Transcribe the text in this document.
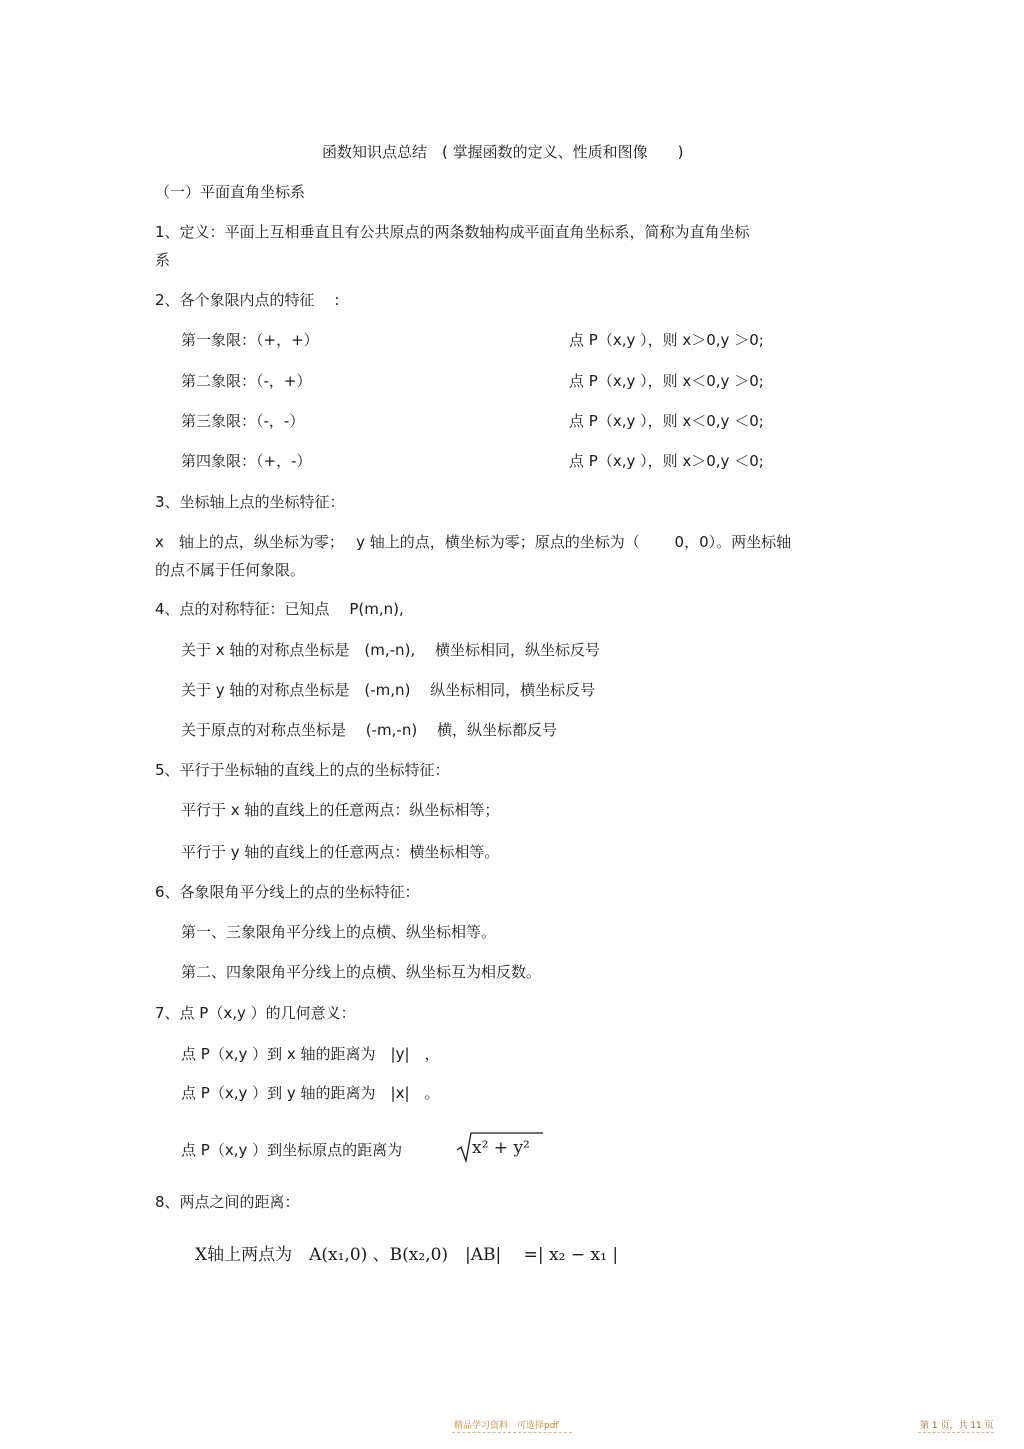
函数知识点总结　( 掌握函数的定义、性质和图像　　)
（一）平面直角坐标系
1、定义：平面上互相垂直且有公共原点的两条数轴构成平面直角坐标系，简称为直角坐标
系
2、各个象限内点的特征　 :
第一象限：（+，+）	点 P（x,y ），则 x＞0,y ＞0;
第二象限：（-，+）	点 P（x,y ），则 x＜0,y ＞0;
第三象限：（-，-）	点 P（x,y ），则 x＜0,y ＜0;
第四象限：（+，-）	点 P（x,y ），则 x＞0,y ＜0;
3、坐标轴上点的坐标特征：
x　轴上的点，纵坐标为零；　 y 轴上的点，横坐标为零；原点的坐标为（　　 0，0）。两坐标轴
的点不属于任何象限。
4、点的对称特征：已知点　 P(m,n),
关于 x 轴的对称点坐标是　(m,-n),　 横坐标相同，纵坐标反号
关于 y 轴的对称点坐标是　(-m,n)　 纵坐标相同，横坐标反号
关于原点的对称点坐标是　 (-m,-n)　 横，纵坐标都反号
5、平行于坐标轴的直线上的点的坐标特征：
平行于 x 轴的直线上的任意两点：纵坐标相等；
平行于 y 轴的直线上的任意两点：横坐标相等。
6、各象限角平分线上的点的坐标特征：
第一、三象限角平分线上的点横、纵坐标相等。
第二、四象限角平分线上的点横、纵坐标互为相反数。
7、点 P（x,y ）的几何意义：
点 P（x,y ）到 x 轴的距离为　|y|　，
点 P（x,y ）到 y 轴的距离为　|x|　。
点 P（x,y ）到坐标原点的距离为	x² + y²
8、两点之间的距离：
X轴上两点为　A(x₁,0) 、B(x₂,0)　|AB|　 =| x₂ − x₁ |
精品学习资料　可选择pdf	第 1 页，共 11 页
